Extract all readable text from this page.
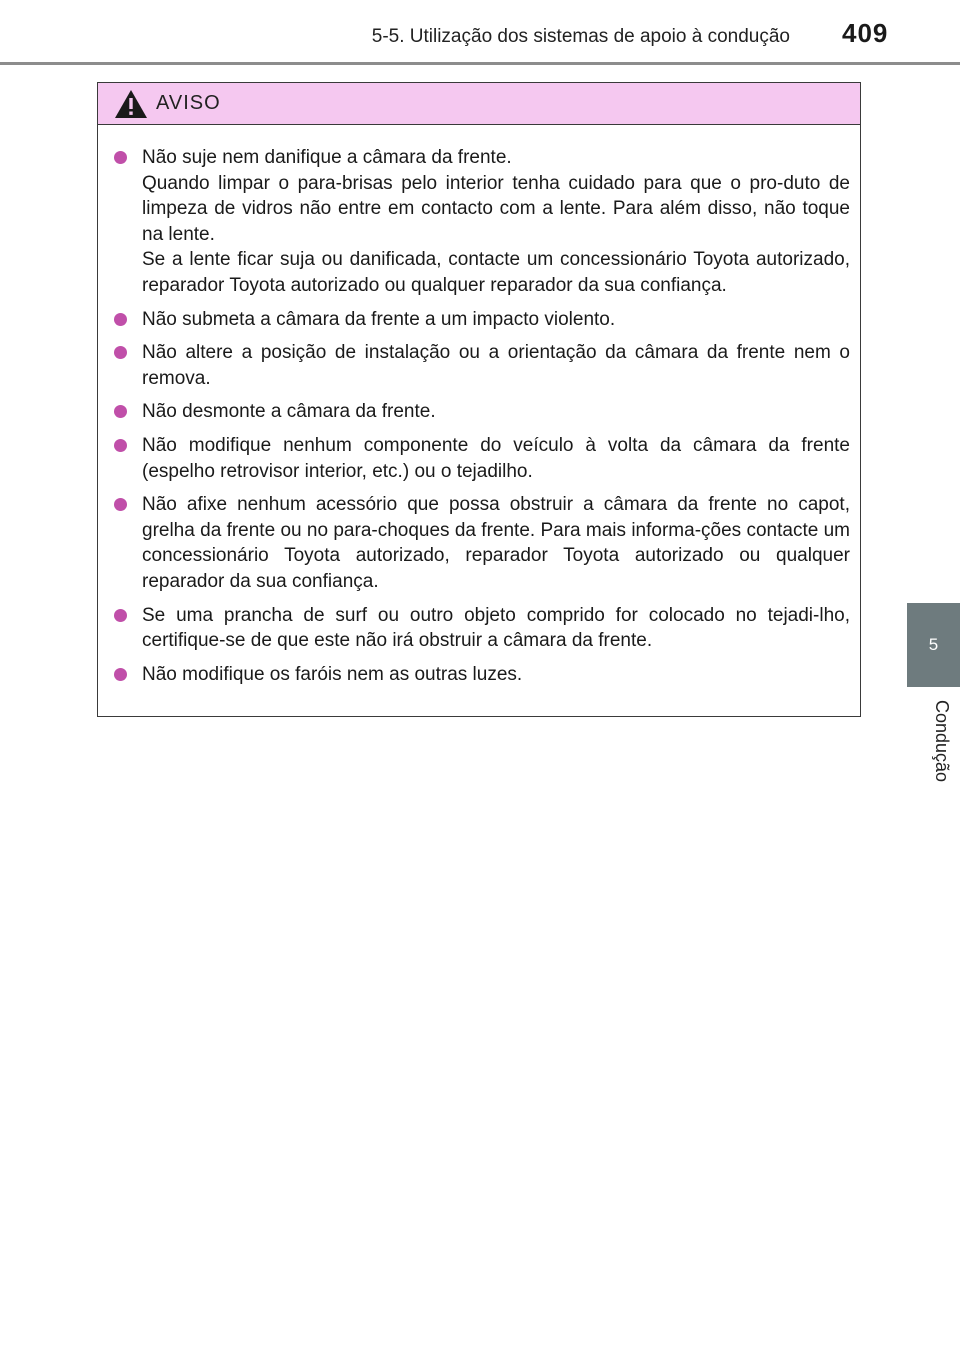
5-5. Utilização dos sistemas de apoio à condução 409
5
Condução
AVISO

Não suje nem danifique a câmara da frente.

Quando limpar o para-brisas pelo interior tenha cuidado para que o pro-duto de limpeza de vidros não entre em contacto com a lente. Para além disso, não toque na lente.

Se a lente ficar suja ou danificada, contacte um concessionário Toyota autorizado, reparador Toyota autorizado ou qualquer reparador da sua confiança.

Não submeta a câmara da frente a um impacto violento.

Não altere a posição de instalação ou a orientação da câmara da frente nem o remova.

Não desmonte a câmara da frente.

Não modifique nenhum componente do veículo à volta da câmara da frente (espelho retrovisor interior, etc.) ou o tejadilho.

Não afixe nenhum acessório que possa obstruir a câmara da frente no capot, grelha da frente ou no para-choques da frente. Para mais informa-ções contacte um concessionário Toyota autorizado, reparador Toyota autorizado ou qualquer reparador da sua confiança.

Se uma prancha de surf ou outro objeto comprido for colocado no tejadi-lho, certifique-se de que este não irá obstruir a câmara da frente.

Não modifique os faróis nem as outras luzes.
